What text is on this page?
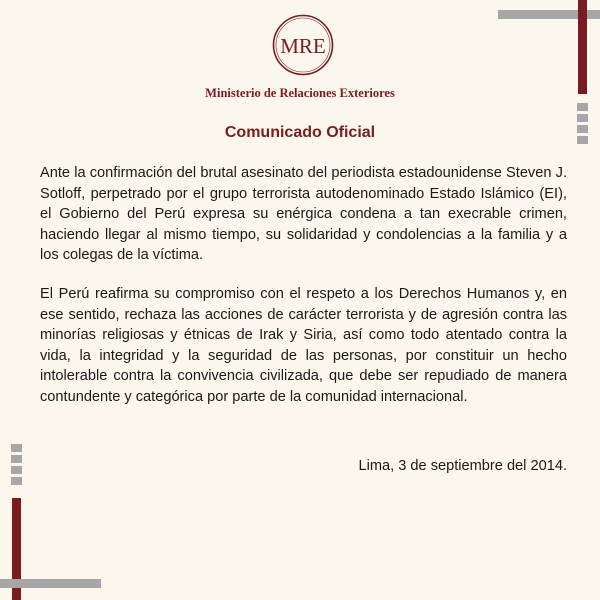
MRE
Ministerio de Relaciones Exteriores
Comunicado Oficial

Ante la confirmación del brutal asesinato del periodista estadounidense Steven J. Sotloff, perpetrado por el grupo terrorista autodenominado Estado Islámico (EI), el Gobierno del Perú expresa su enérgica condena a tan execrable crimen, haciendo llegar al mismo tiempo, su solidaridad y condolencias a la familia y a los colegas de la víctima.

El Perú reafirma su compromiso con el respeto a los Derechos Humanos y, en ese sentido, rechaza las acciones de carácter terrorista y de agresión contra las minorías religiosas y étnicas de Irak y Siria, así como todo atentado contra la vida, la integridad y la seguridad de las personas, por constituir un hecho intolerable contra la convivencia civilizada, que debe ser repudiado de manera contundente y categórica por parte de la comunidad internacional.

Lima, 3 de septiembre del 2014.
